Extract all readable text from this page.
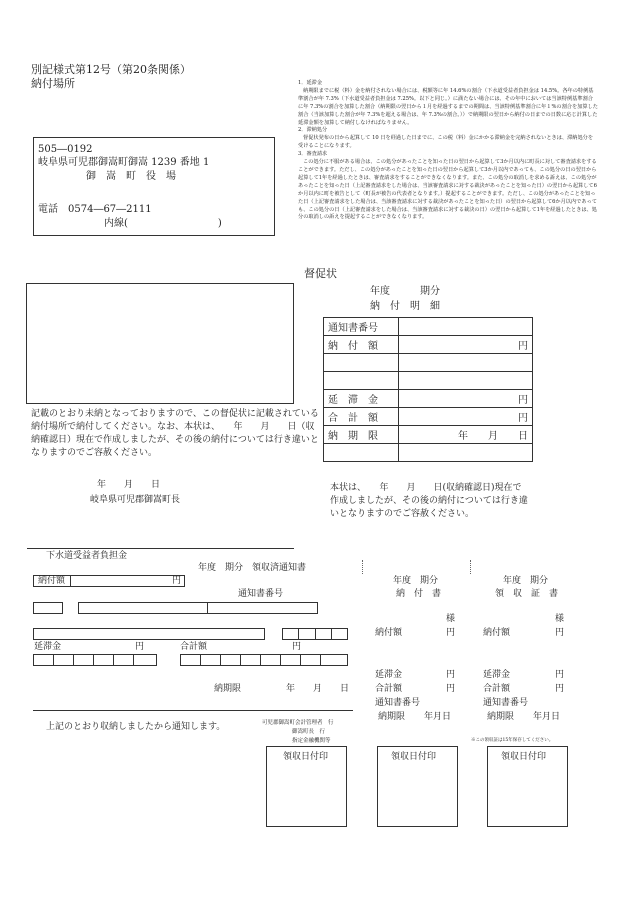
別記様式第12号（第20条関係）
納付場所
505―0192
岐阜県可児郡御嵩町御嵩 1239 番地 1
御　嵩　町　役　場
電話　0574―67―2111
内線(　　　　　　　　　)
1．延滞金
納期限までに税（料）金を納付されない場合には、税額等に年 14.6%の割合（下水道受益者負担金は 14.5%。各年の特例基準割合が年 7.3%（下水道受益者負担金は 7.25%。以下と同じ。）に満たない場合には、その年中においては当該特例基準割合に年 7.3%の割合を加算した割合（納期限の翌日から１月を経過するまでの期間は、当該特例基準割合に年１%の割合を加算した割合（当該加算した割合が年 7.3%を超える場合は、年 7.3%の割合。））で納期限の翌日から納付の日までの日数に応じ計算した延滞金額を加算して納付しなければなりません。
2．滞納処分
督促状発布の日から起算して 10 日を経過した日までに、この税（料）金にかかる滞納金を完納されないときは、滞納処分を受けることになります。
3．審査請求
この処分に不服がある場合は、この処分があったことを知った日の翌日から起算して3か月以内に町長に対して審査請求をすることができます。ただし、この処分があったことを知った日の翌日から起算して3か月以内であっても、この処分の日の翌日から起算して1年を経過したときは、審査請求をすることができなくなります。また、この処分の取消しを求める訴えは、この処分があったことを知った日（上記審査請求をした場合は、当該審査請求に対する裁決があったことを知った日）の翌日から起算して6か月以内に町を被告として（町長が被告の代表者となります。）提起することができます。ただし、この処分があったことを知った日（上記審査請求をした場合は、当該審査請求に対する裁決があったことを知った日）の翌日から起算して6か月以内であっても、この処分の日（上記審査請求をした場合は、当該審査請求に対する裁決の日）の翌日から起算して1年を経過したときは、処分の取消しの訴えを提起することができなくなります。
督促状
年度　　　期分
納　付　明　細
通知書番号	
納　付　額	円

延　滞　金	円
合　計　額	円
納　期　限	年　　月　　日

記載のとおり未納となっておりますので、この督促状に記載されている納付場所で納付してください。なお、本状は、　　年　　月　　日（収納確認日）現在で作成しましたが、その後の納付については行き違いとなりますのでご容赦ください。
年　　月　　日
岐阜県可児郡御嵩町長
本状は、　　年　　月　　日(収納確認日)現在で作成しましたが、その後の納付については行き違いとなりますのでご容赦ください。
下水道受益者負担金
年度　期分　領収済通知書
納付額	円
通知書番号
延滞金	円	合計額	円
納期限	年　　月　　日
上記のとおり収納しましたから通知します。	可児郡御嵩町会計管理者　行
御嵩町長　行
指定金融機関等	※この領収証は15年保存してください。
年度　期分
納　付　書
様
納付額	円
延滞金	円
合計額	円
通知書番号
納期限 年月日
年度　期分
領　収　証　書
様
納付額	円
延滞金	円
合計額	円
通知書番号
納期限 年月日
領収日付印	領収日付印	領収日付印
